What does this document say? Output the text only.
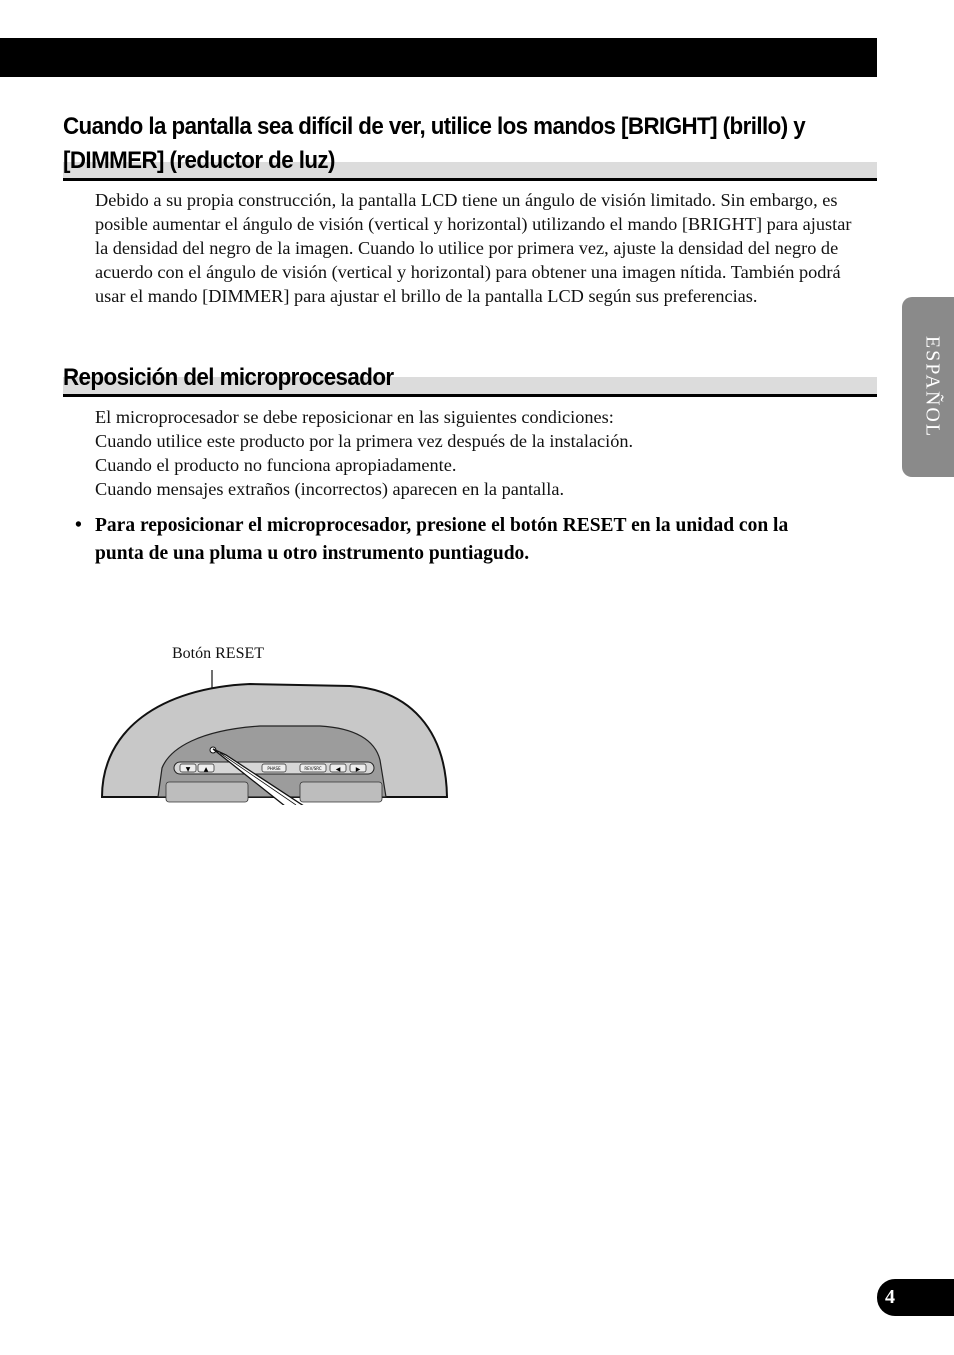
Cuando la pantalla sea difícil de ver, utilice los mandos [BRIGHT] (brillo) y
[DIMMER] (reductor de luz)

Debido a su propia construcción, la pantalla LCD tiene un ángulo de visión limitado. Sin embargo, es posible aumentar el ángulo de visión (vertical y horizontal) utilizando el mando [BRIGHT] para ajustar la densidad del negro de la imagen. Cuando lo utilice por primera vez, ajuste la densidad del negro de acuerdo con el ángulo de visión (vertical y horizontal) para obtener una imagen nítida. También podrá usar el mando [DIMMER] para ajustar el brillo de la pantalla LCD según sus preferencias.

Reposición del microprocesador
El microprocesador se debe reposicionar en las siguientes condiciones:
Cuando utilice este producto por la primera vez después de la instalación.
Cuando el producto no funciona apropiadamente.
Cuando mensajes extraños (incorrectos) aparecen en la pantalla.
• Para reposicionar el microprocesador, presione el botón RESET en la unidad con la punta de una pluma u otro instrumento puntiagudo.
Botón RESET
▼ ▲	PHASE	REV/SRC ◀	▶
ESPAÑOL
4
